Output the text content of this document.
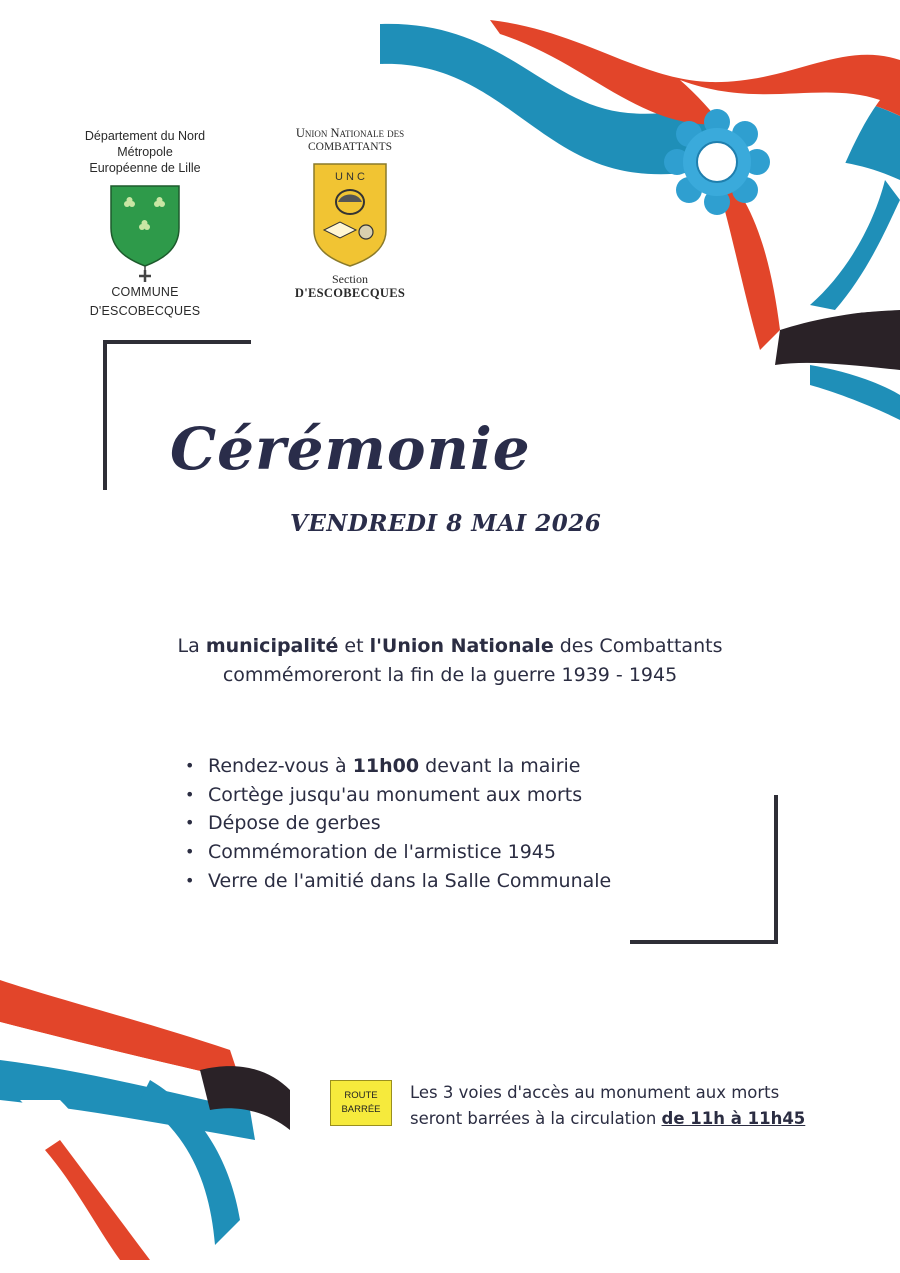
Département du Nord
Métropole
Européenne de Lille
COMMUNE
D'ESCOBECQUES
Union Nationale des
COMBATTANTS
U N C
Section
D'ESCOBECQUES
Cérémonie
VENDREDI 8 MAI 2026
La municipalité et l'Union Nationale des Combattants
commémoreront la fin de la guerre 1939 - 1945
• Rendez-vous à 11h00 devant la mairie
• Cortège jusqu'au monument aux morts
• Dépose de gerbes
• Commémoration de l'armistice 1945
• Verre de l'amitié dans la Salle Communale
ROUTE
BARRÉE
Les 3 voies d'accès au monument aux morts
seront barrées à la circulation de 11h à 11h45
